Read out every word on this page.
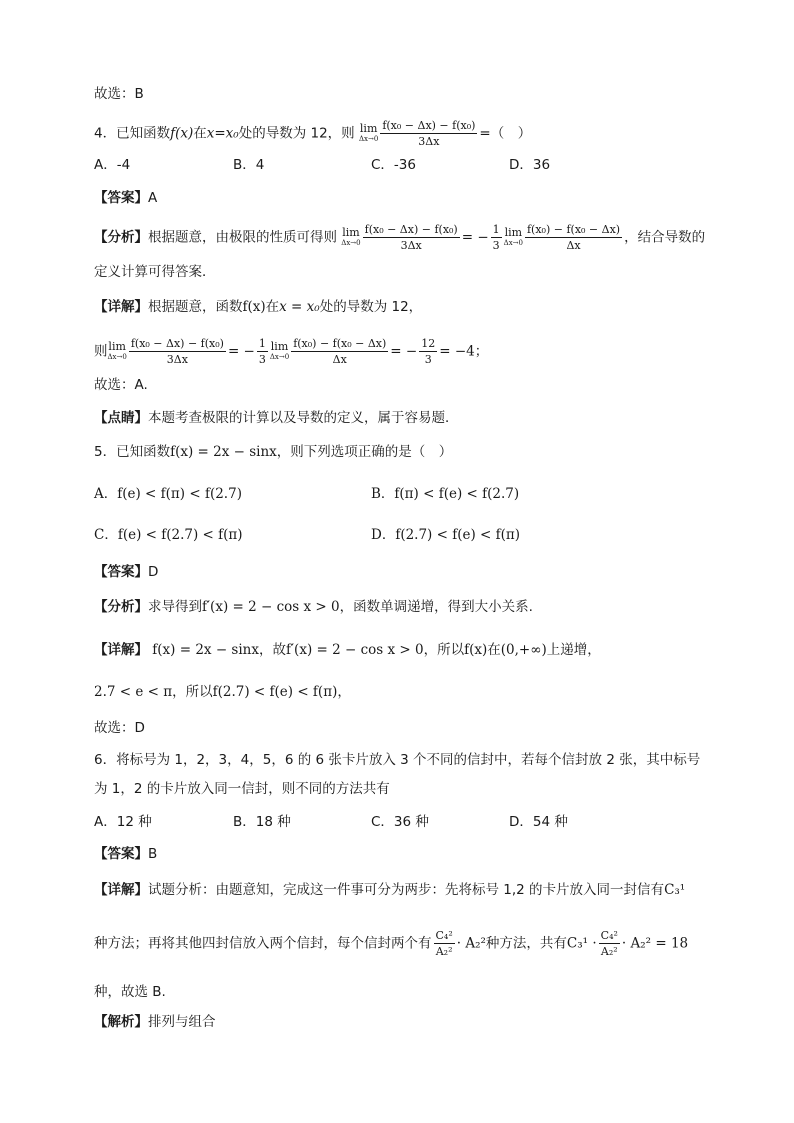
故选：B
4．已知函数f(x)在x=x₀处的导数为 12，则 lim
$\Delta x\to 0 \frac{\text{f(x₀ − Δx) − f(x₀)}}{3\Delta x}$ =（　）
A．-4	B．4	C．-36	D．36
【答案】A
【分析】根据题意，由极限的性质可得则 lim
$\Delta x\to 0 \frac{\text{f(x₀ − Δx) − f(x₀)}}{3\Delta x}$ = − $\frac{1}{3}$ lim
$\Delta x\to 0 \frac{\text{f(x₀) − f(x₀ − Δx)}}{\Delta x}$ ，结合导数的
定义计算可得答案．
【详解】根据题意，函数f(x)在x = x₀处的导数为 12，
则lim
$\Delta x\to 0 \frac{\text{f(x₀ − Δx) − f(x₀)}}{3\Delta x}$ = − $\frac{1}{3}$ lim
$\Delta x\to 0 \frac{\text{f(x₀) − f(x₀ − Δx)}}{\Delta x}$ = − $\frac{12}{3} = -4$；
故选：A.
【点睛】本题考查极限的计算以及导数的定义，属于容易题．
5．已知函数f(x) = 2x − sinx，则下列选项正确的是（　）
A．f(e) < f(π) < f(2.7)	B．f(π) < f(e) < f(2.7)
C．f(e) < f(2.7) < f(π)	D．f(2.7) < f(e) < f(π)
【答案】D
【分析】求导得到f′(x) = 2 − cos x > 0，函数单调递增，得到大小关系.
【详解】 f(x) = 2x − sinx，故f′(x) = 2 − cos x > 0，所以f(x)在(0,+∞)上递增，
2.7 < e < π，所以f(2.7) < f(e) < f(π)，
故选：D
6．将标号为 1，2，3，4，5，6 的 6 张卡片放入 3 个不同的信封中，若每个信封放 2 张，其中标号
为 1，2 的卡片放入同一信封，则不同的方法共有
A．12 种	B．18 种	C．36 种	D．54 种
【答案】B
【详解】试题分析：由题意知，完成这一件事可分为两步：先将标号 1,2 的卡片放入同一封信有C₃¹
种方法；再将其他四封信放入两个信封，每个信封两个有 $\frac{\text{C₄²}}{\text{A₂²}} \cdot A_2^2$种方法，共有$C_3^1 \cdot \frac{\text{C₄²}}{\text{A₂²}} \cdot A_2^2 = 18$
种，故选 B.
【解析】排列与组合
